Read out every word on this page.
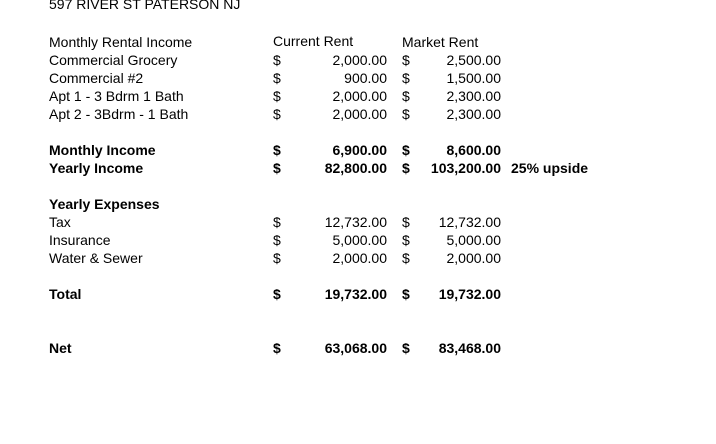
597 RIVER ST PATERSON NJ
Monthly Rental Income	Current Rent	Market Rent
Commercial Grocery	$	2,000.00 $	2,500.00
Commercial #2	$	900.00 $	1,500.00
Apt 1 - 3 Bdrm 1 Bath	$	2,000.00 $	2,300.00
Apt 2 - 3Bdrm - 1 Bath	$	2,000.00 $	2,300.00
Monthly Income	$	6,900.00 $	8,600.00
Yearly Income	$	82,800.00 $ 103,200.00 25% upside
Yearly Expenses
Tax	$	12,732.00 $ 12,732.00
Insurance	$	5,000.00 $	5,000.00
Water & Sewer	$	2,000.00 $	2,000.00
Total	$	19,732.00 $ 19,732.00
Net	$	63,068.00 $ 83,468.00
